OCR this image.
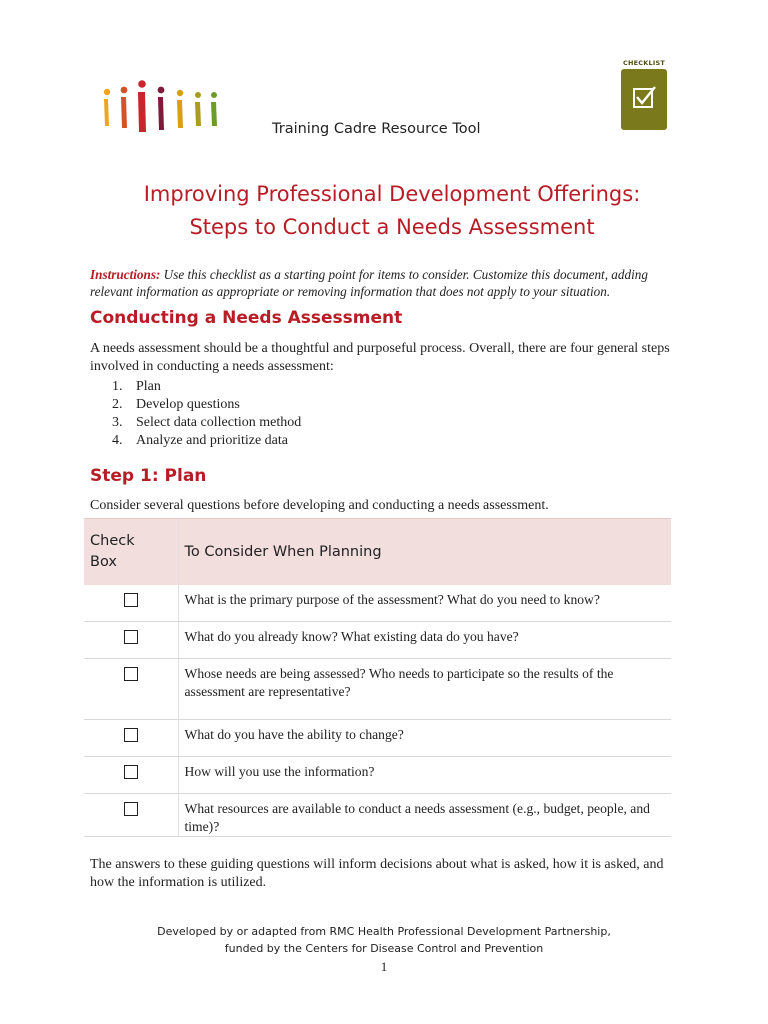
CHECKLIST
Training Cadre Resource Tool
Improving Professional Development Offerings:
Steps to Conduct a Needs Assessment
Instructions: Use this checklist as a starting point for items to consider. Customize this document, adding relevant information as appropriate or removing information that does not apply to your situation.
Conducting a Needs Assessment
A needs assessment should be a thoughtful and purposeful process. Overall, there are four general steps involved in conducting a needs assessment:
1. Plan
2. Develop questions
3. Select data collection method
4. Analyze and prioritize data
Step 1: Plan
Consider several questions before developing and conducting a needs assessment.
Check
Box	To Consider When Planning
	What is the primary purpose of the assessment? What do you need to know?
	What do you already know? What existing data do you have?
	Whose needs are being assessed? Who needs to participate so the results of the assessment are representative?
	What do you have the ability to change?
	How will you use the information?
	What resources are available to conduct a needs assessment (e.g., budget, people, and time)?
The answers to these guiding questions will inform decisions about what is asked, how it is asked, and how the information is utilized.
Developed by or adapted from RMC Health Professional Development Partnership,
funded by the Centers for Disease Control and Prevention
1
